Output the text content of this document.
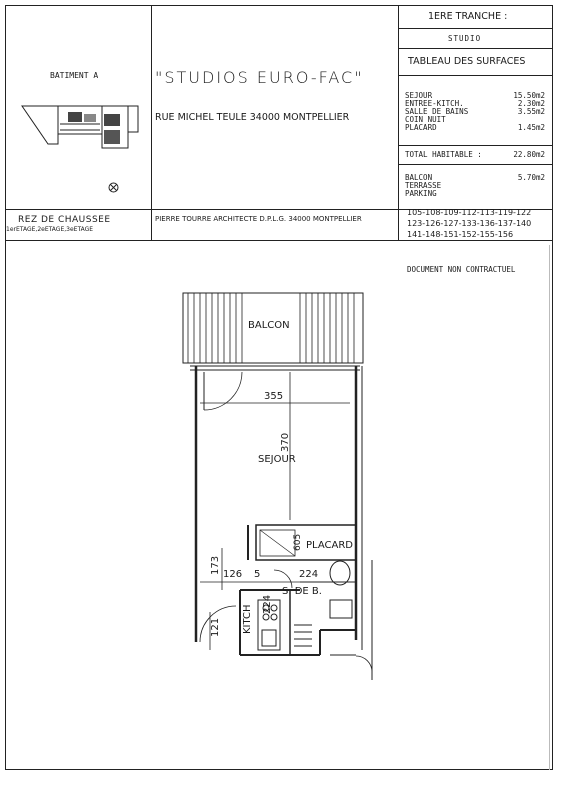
BATIMENT A	"STUDIOS EURO-FAC"
RUE MICHEL TEULE 34000 MONTPELLIER
1ERE TRANCHE :
STUDIO
TABLEAU DES SURFACES
SEJOUR	15.50m2
ENTREE-KITCH.	2.30m2
SALLE DE BAINS	3.55m2
COIN NUIT
PLACARD	1.45m2
TOTAL HABITABLE :	22.80m2
BALCON	5.70m2
TERRASSE
PARKING
REZ DE CHAUSSEE
1erETAGE,2eETAGE,3eETAGE
PIERRE TOURRE ARCHITECTE D.P.L.G. 34000 MONTPELLIER
105-108-109-112-113-119-122
123-126-127-133-136-137-140
141-148-151-152-155-156
DOCUMENT NON CONTRACTUEL
BALCON
SEJOUR
PLACARD
S. DE B.
KITCH
355
370
605
173 126 5	224
224
121
